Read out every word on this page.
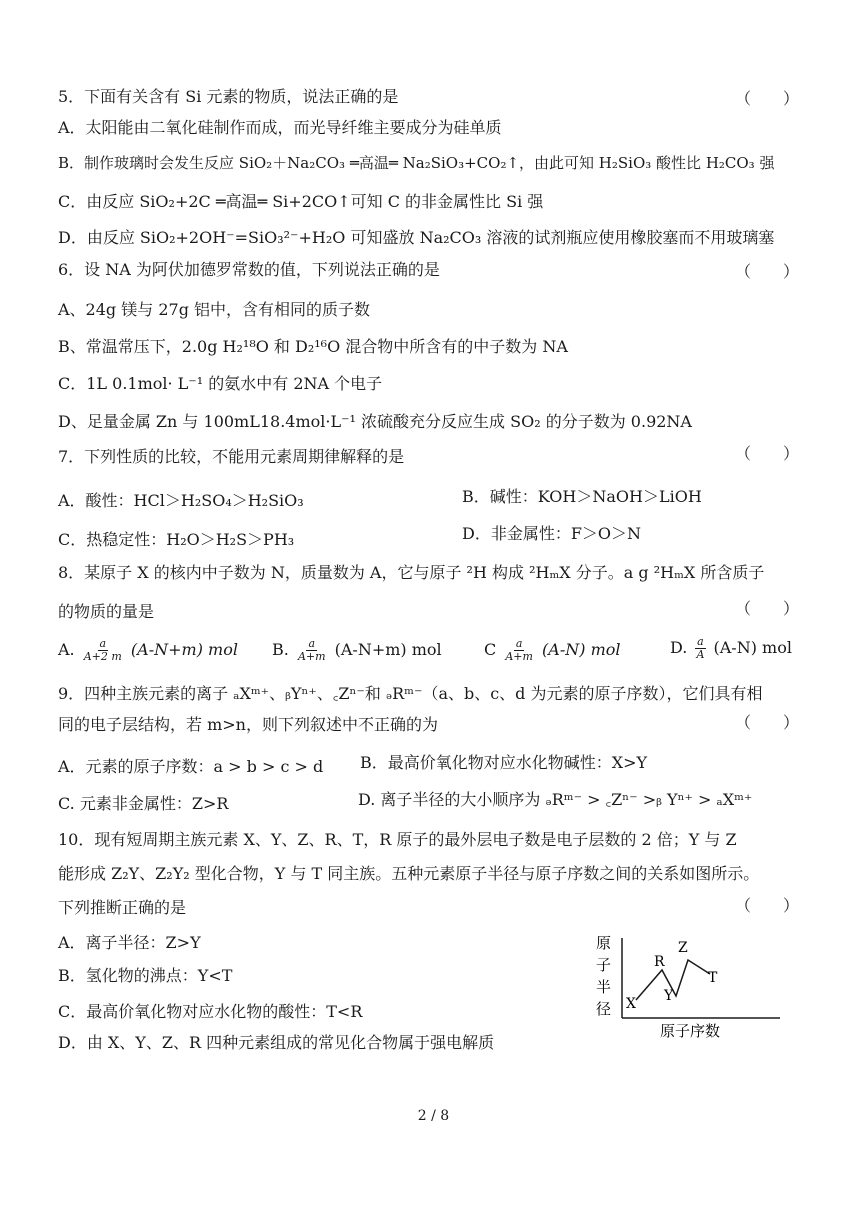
5．下面有关含有 Si 元素的物质，说法正确的是	（　　）
A．太阳能由二氧化硅制作而成，而光导纤维主要成分为硅单质
B．制作玻璃时会发生反应 SiO₂＋Na₂CO₃ ═高温═ Na₂SiO₃+CO₂↑，由此可知 H₂SiO₃ 酸性比 H₂CO₃ 强
C．由反应 SiO₂+2C ═高温═ Si+2CO↑可知 C 的非金属性比 Si 强
D．由反应 SiO₂+2OH⁻=SiO₃²⁻+H₂O 可知盛放 Na₂CO₃ 溶液的试剂瓶应使用橡胶塞而不用玻璃塞
6．设 NA 为阿伏加德罗常数的值，下列说法正确的是	（　　）
A、24g 镁与 27g 铝中，含有相同的质子数
B、常温常压下，2.0g H₂¹⁸O 和 D₂¹⁶O 混合物中所含有的中子数为 NA
C．1L 0.1mol· L⁻¹ 的氨水中有 2NA 个电子
D、足量金属 Zn 与 100mL18.4mol·L⁻¹ 浓硫酸充分反应生成 SO₂ 的分子数为 0.92NA
7．下列性质的比较，不能用元素周期律解释的是	（　　）
A．酸性：HCl＞H₂SO₄＞H₂SiO₃	B．碱性：KOH＞NaOH＞LiOH
C．热稳定性：H₂O＞H₂S＞PH₃	D．非金属性：F＞O＞N
8．某原子 X 的核内中子数为 N，质量数为 A，它与原子 ²H 构成 ²HₘX 分子。a g ²HₘX 所含质子
的物质的量是	（　　）
A. $\frac{a}{A+2 m} (A-N+m)$ mol B. $\frac{a}{A+m} (A-N+m)$ mol	C $\frac{a}{A+m} (A-N)$ mol	D. $\frac{a}{A} (A-N)$ mol
9．四种主族元素的离子 ₐXᵐ⁺、ᵦYⁿ⁺、꜀Zⁿ⁻和 ₔRᵐ⁻（a、b、c、d 为元素的原子序数），它们具有相
同的电子层结构，若 m>n，则下列叙述中不正确的为	（　　）
A．元素的原子序数：a > b > c > d B．最高价氧化物对应水化物碱性：X>Y
C. 元素非金属性：Z>R	D. 离子半径的大小顺序为 ₔRᵐ⁻ > ꜀Zⁿ⁻ >ᵦ Yⁿ⁺ > ₐXᵐ⁺
10．现有短周期主族元素 X、Y、Z、R、T，R 原子的最外层电子数是电子层数的 2 倍；Y 与 Z
能形成 Z₂Y、Z₂Y₂ 型化合物，Y 与 T 同主族。五种元素原子半径与原子序数之间的关系如图所示。
下列推断正确的是	（　　）
A．离子半径：Z>Y
B．氢化物的沸点：Y<T
C．最高价氧化物对应水化物的酸性：T<R
D．由 X、Y、Z、R 四种元素组成的常见化合物属于强电解质
原
子
半
径 X Y
R
Z
T
原子序数
2 / 8
